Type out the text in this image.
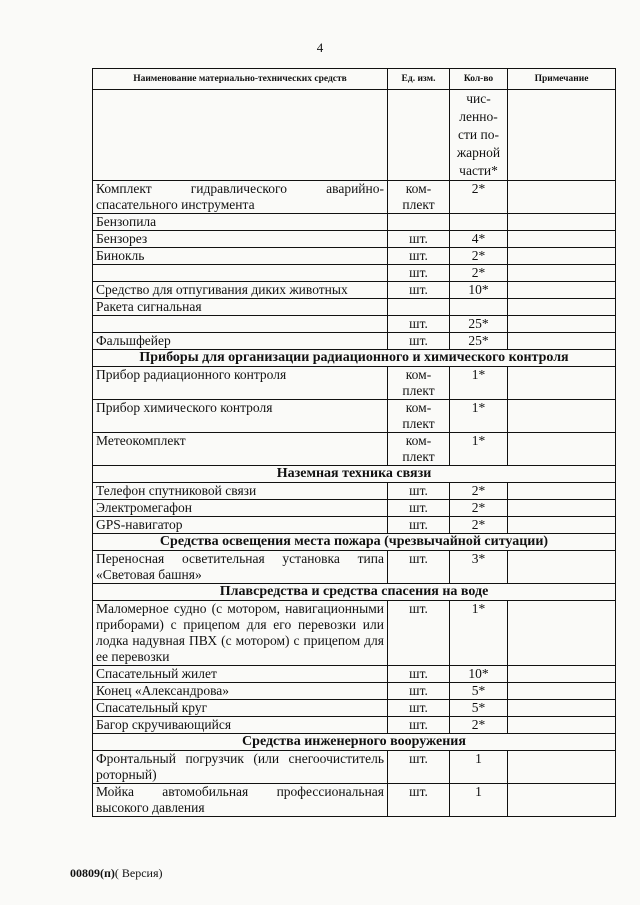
4
Наименование материально-технических средств	Ед. изм.	Кол-во	Примечание

		чис-
ленно-
сти по-
жарной
части*	

Комплект гидравлического аварийно-спасательного инструмента	ком-плект	2*	
Бензопила			
Бензорез	шт.	4*	
Бинокль	шт.	2*	
	шт.	2*	
Средство для отпугивания диких животных	шт.	10*	
Ракета сигнальная			
	шт.	25*	
Фальшфейер	шт.	25*	
Приборы для организации радиационного и химического контроля			
Прибор радиационного контроля	ком-плект	1*	
Прибор химического контроля	ком-плект	1*	
Метеокомплект	ком-плект	1*	
Наземная техника связи			
Телефон спутниковой связи	шт.	2*	
Электромегафон	шт.	2*	
GPS-навигатор	шт.	2*	
Средства освещения места пожара (чрезвычайной ситуации)			
Переносная осветительная установка типа «Световая башня»	шт.	3*	
Плавсредства и средства спасения на воде			
Маломерное судно (с мотором, навигационными приборами) с прицепом для его перевозки или лодка надувная ПВХ (с мотором) с прицепом для ее перевозки	шт.	1*	
Спасательный жилет	шт.	10*	
Конец «Александрова»	шт.	5*	
Спасательный круг	шт.	5*	
Багор скручивающийся	шт.	2*	
Средства инженерного вооружения			
Фронтальный погрузчик (или снегоочиститель роторный)	шт.	1	
Мойка автомобильная профессиональная высокого давления	шт.	1	
00809(п)( Версия)
